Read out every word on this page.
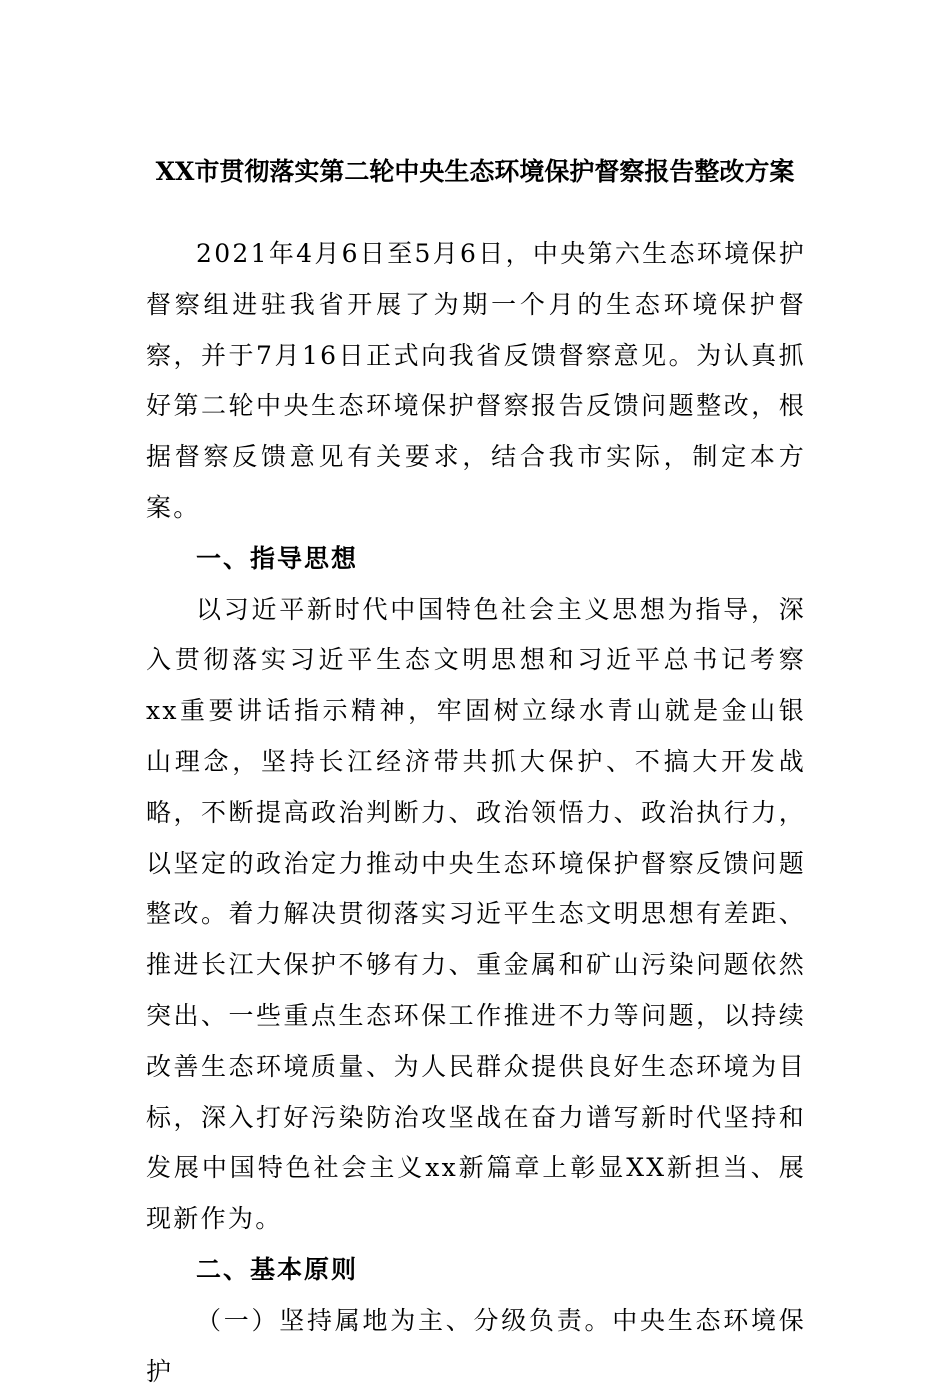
XX市贯彻落实第二轮中央生态环境保护督察报告整改方案

2021年4月6日至5月6日，中央第六生态环境保护督察组进驻我省开展了为期一个月的生态环境保护督察，并于7月16日正式向我省反馈督察意见。为认真抓好第二轮中央生态环境保护督察报告反馈问题整改，根据督察反馈意见有关要求，结合我市实际，制定本方案。

一、指导思想

以习近平新时代中国特色社会主义思想为指导，深入贯彻落实习近平生态文明思想和习近平总书记考察xx重要讲话指示精神，牢固树立绿水青山就是金山银山理念，坚持长江经济带共抓大保护、不搞大开发战略，不断提高政治判断力、政治领悟力、政治执行力，以坚定的政治定力推动中央生态环境保护督察反馈问题整改。着力解决贯彻落实习近平生态文明思想有差距、推进长江大保护不够有力、重金属和矿山污染问题依然突出、一些重点生态环保工作推进不力等问题，以持续改善生态环境质量、为人民群众提供良好生态环境为目标，深入打好污染防治攻坚战在奋力谱写新时代坚持和发展中国特色社会主义xx新篇章上彰显XX新担当、展现新作为。

二、基本原则

（一）坚持属地为主、分级负责。中央生态环境保护
